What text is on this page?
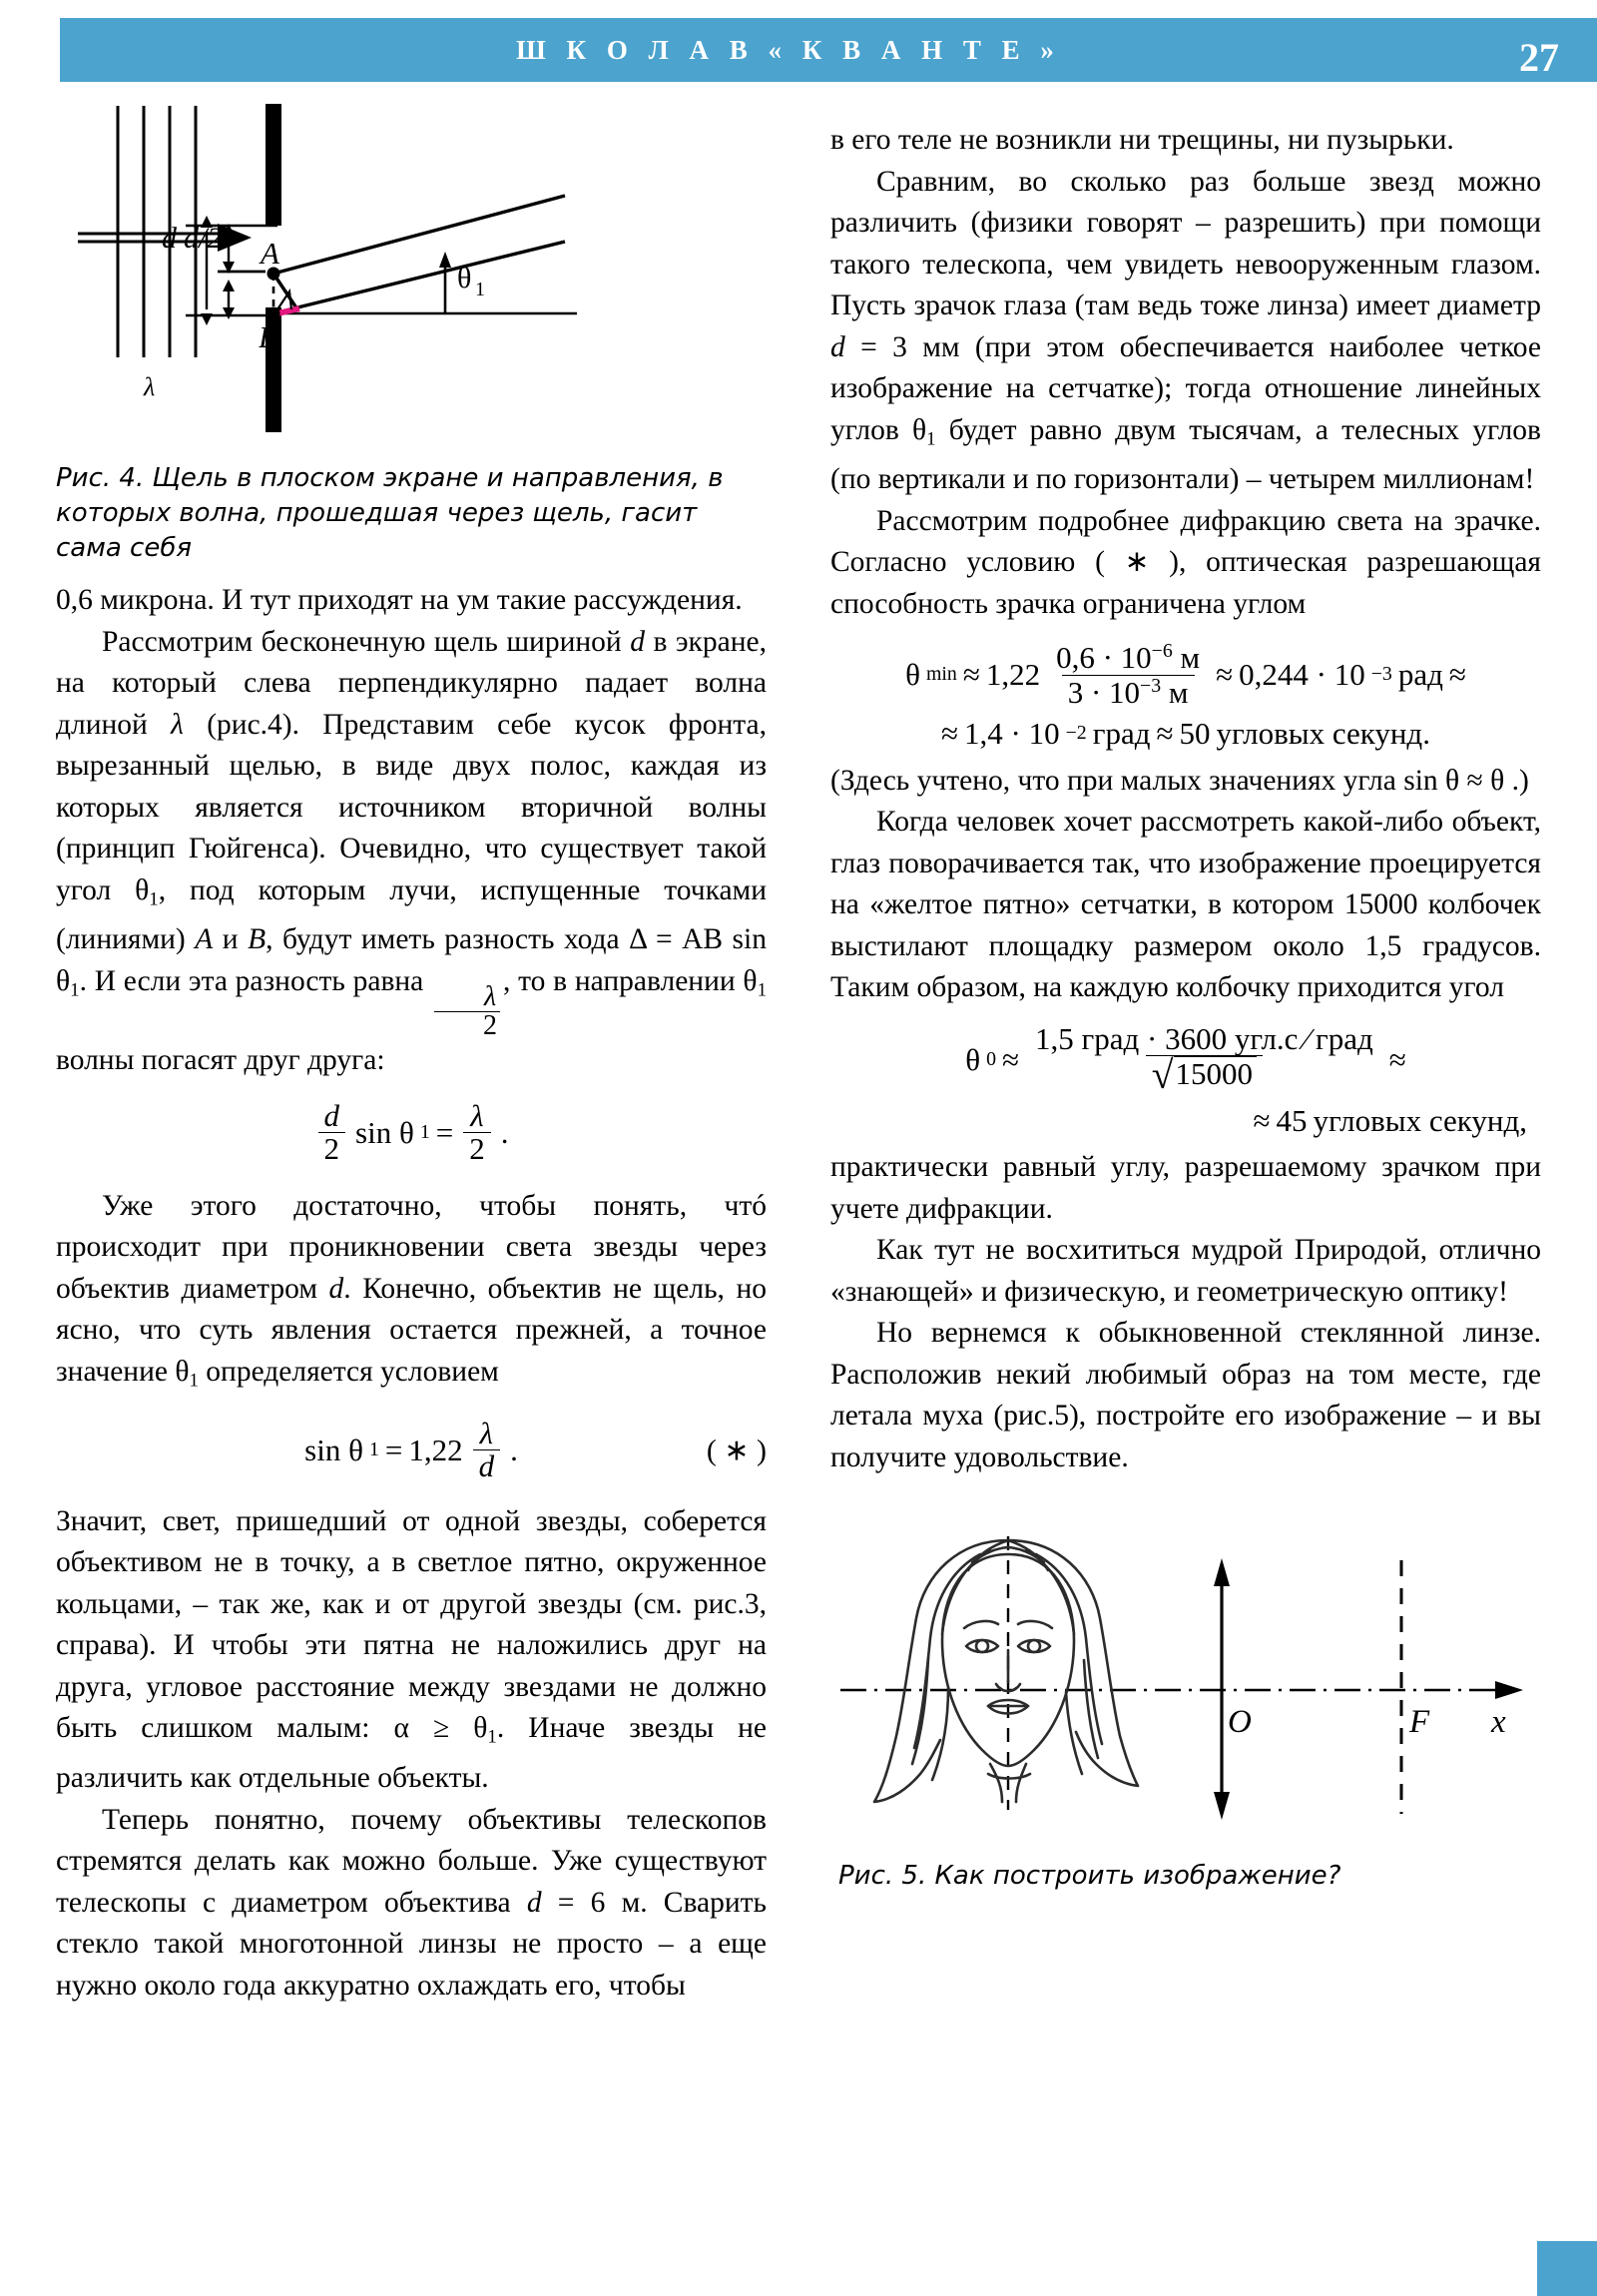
Ш К О Л А В « К В А Н Т Е »	27
λ
d d/2 A
B

θ 1
Рис. 4. Щель в плоском экране и направления, в которых волна, прошедшая через щель, гасит сама себя

0,6 микрона. И тут приходят на ум такие рассуждения.

Рассмотрим бесконечную щель шириной d в экране, на который слева перпендикулярно падает волна длиной λ (рис.4). Представим себе кусок фронта, вырезанный щелью, в виде двух полос, каждая из которых является источником вторичной волны (принцип Гюйгенса). Очевидно, что существует такой угол $\theta_1$, под которым лучи, испущенные точками (линиями) A и B, будут иметь разность хода Δ = AB $\sin \theta_1$. И если эта разность равна
$\frac{\lambda}{2}$
, то в направлении $\theta_1$ волны погасят друг друга:

$\frac{d}{2}$ sin θ $1 = \frac{\lambda}{2}$ .

Уже этого достаточно, чтобы понять, чтó происходит при проникновении света звезды через объектив диаметром d. Конечно, объектив не щель, но ясно, что суть явления остается прежней, а точное значение $\theta_1$ определяется условием

sin θ $1 = 1,22 \frac{\lambda}{d}$ .	( ∗ )

Значит, свет, пришедший от одной звезды, соберется объективом не в точку, а в светлое пятно, окруженное кольцами, – так же, как и от другой звезды (см. рис.3, справа). И чтобы эти пятна не наложились друг на друга, угловое расстояние между звездами не должно быть слишком малым: $\alpha \ge \theta_1$. Иначе звезды не различить как отдельные объекты.

Теперь понятно, почему объективы телескопов стремятся делать как можно больше. Уже существуют телескопы с диаметром объектива d = 6 м. Сварить стекло такой многотонной линзы не просто – а еще нужно около года аккуратно охлаждать его, чтобы

в его теле не возникли ни трещины, ни пузырьки.

Сравним, во сколько раз больше звезд можно различить (физики говорят – разрешить) при помощи такого телескопа, чем увидеть невооруженным глазом. Пусть зрачок глаза (там ведь тоже линза) имеет диаметр d = 3 мм (при этом обеспечивается наиболее четкое изображение на сетчатке); тогда отношение линейных углов $\theta_1$ будет равно двум тысячам, а телесных углов (по вертикали и по горизонтали) – четырем миллионам!

Рассмотрим подробнее дифракцию света на зрачке. Согласно условию ( ∗ ), оптическая разрешающая способность зрачка ограничена углом

θ $\min \approx 1,22 \frac{0,6 \cdot 10^{-6} м}{3 \cdot 10^{-3} м} \approx 0,244 \cdot 10 -3$ рад ≈
≈ 1,4 · 10 −2 град ≈ 50 угловых секунд.

(Здесь учтено, что при малых значениях угла sin θ ≈ θ .)

Когда человек хочет рассмотреть какой-либо объект, глаз поворачивается так, что изображение проецируется на «желтое пятно» сетчатки, в котором 15000 колбочек выстилают площадку размером около 1,5 градусов. Таким образом, на каждую колбочку приходится угол

θ $0 \approx \frac{\text{1,5 град · 3600 угл.с ⁄ град}}{√ 15000}$ ≈
≈ 45 угловых секунд,

практически равный углу, разрешаемому зрачком при учете дифракции.

Как тут не восхититься мудрой Природой, отлично «знающей» и физическую, и геометрическую оптику!

Но вернемся к обыкновенной стеклянной линзе. Расположив некий любимый образ на том месте, где летала муха (рис.5), постройте его изображение – и вы получите удовольствие.

O	F x
Рис. 5. Как построить изображение?
